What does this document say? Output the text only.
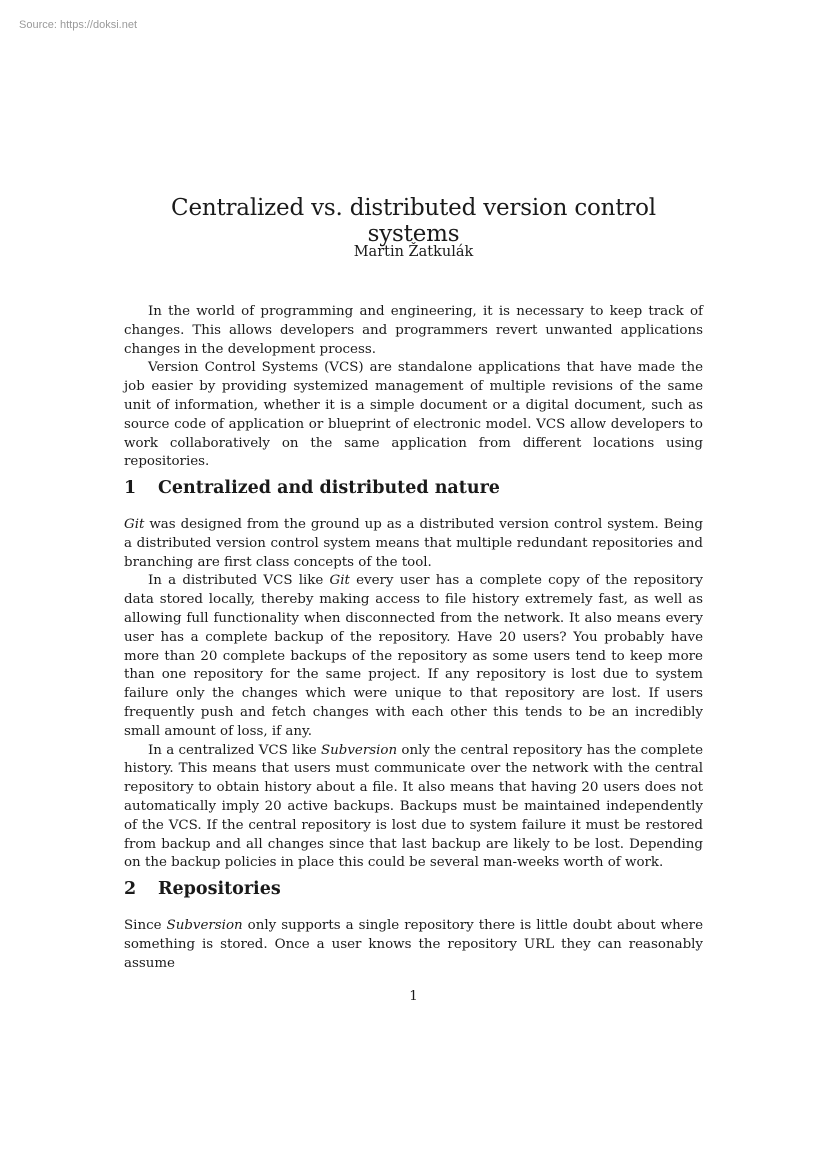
Source: https://doksi.net
Centralized vs. distributed version control systems
Martin Žatkulák

In the world of programming and engineering, it is necessary to keep track of changes. This allows developers and programmers revert unwanted applications changes in the development process.

Version Control Systems (VCS) are standalone applications that have made the job easier by providing systemized management of multiple revisions of the same unit of information, whether it is a simple document or a digital document, such as source code of application or blueprint of electronic model. VCS allow developers to work collaboratively on the same application from different locations using repositories.

1	Centralized and distributed nature

Git was designed from the ground up as a distributed version control system. Being a distributed version control system means that multiple redundant repositories and branching are first class concepts of the tool.

In a distributed VCS like Git every user has a complete copy of the repository data stored locally, thereby making access to file history extremely fast, as well as allowing full functionality when disconnected from the network. It also means every user has a complete backup of the repository. Have 20 users? You probably have more than 20 complete backups of the repository as some users tend to keep more than one repository for the same project. If any repository is lost due to system failure only the changes which were unique to that repository are lost. If users frequently push and fetch changes with each other this tends to be an incredibly small amount of loss, if any.

In a centralized VCS like Subversion only the central repository has the complete history. This means that users must communicate over the network with the central repository to obtain history about a file. It also means that having 20 users does not automatically imply 20 active backups. Backups must be maintained independently of the VCS. If the central repository is lost due to system failure it must be restored from backup and all changes since that last backup are likely to be lost. Depending on the backup policies in place this could be several man-weeks worth of work.

2	Repositories

Since Subversion only supports a single repository there is little doubt about where something is stored. Once a user knows the repository URL they can reasonably assume

1
